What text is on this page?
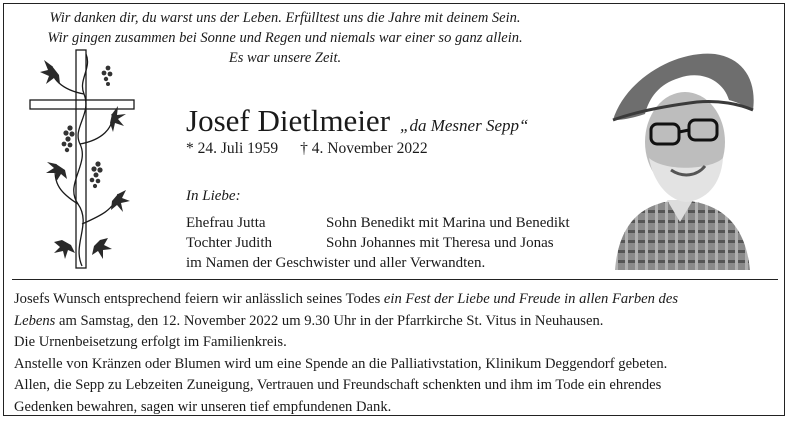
Wir danken dir, du warst uns der Leben. Erfülltest uns die Jahre mit deinem Sein.
Wir gingen zusammen bei Sonne und Regen und niemals war einer so ganz allein.
Es war unsere Zeit.
Josef Dietlmeier „da Mesner Sepp“
* 24. Juli 1959 † 4. November 2022
In Liebe:
Ehefrau Jutta
Tochter Judith
Sohn Benedikt mit Marina und Benedikt
Sohn Johannes mit Theresa und Jonas
im Namen der Geschwister und aller Verwandten.

Josefs Wunsch entsprechend feiern wir anlässlich seines Todes ein Fest der Liebe und Freude in allen Farben des

Lebens am Samstag, den 12. November 2022 um 9.30 Uhr in der Pfarrkirche St. Vitus in Neuhausen.

Die Urnenbeisetzung erfolgt im Familienkreis.

Anstelle von Kränzen oder Blumen wird um eine Spende an die Palliativstation, Klinikum Deggendorf gebeten.

Allen, die Sepp zu Lebzeiten Zuneigung, Vertrauen und Freundschaft schenkten und ihm im Tode ein ehrendes

Gedenken bewahren, sagen wir unseren tief empfundenen Dank.
